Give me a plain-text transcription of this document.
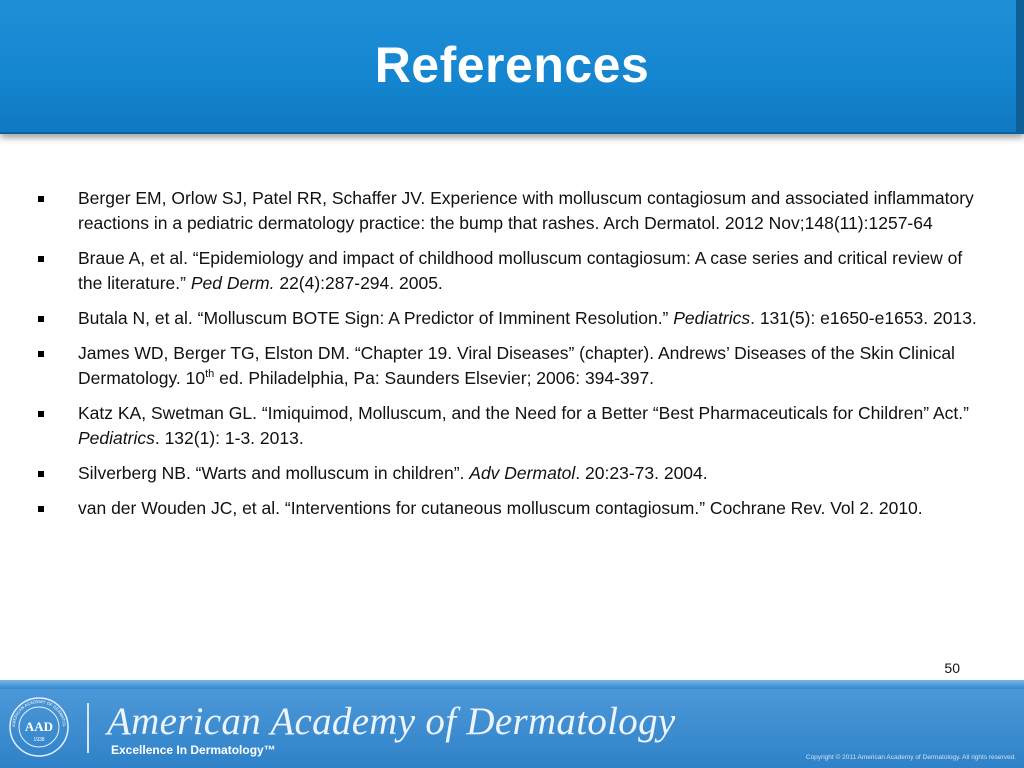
References
Berger EM, Orlow SJ, Patel RR, Schaffer JV. Experience with molluscum contagiosum and associated inflammatory reactions in a pediatric dermatology practice: the bump that rashes. Arch Dermatol. 2012 Nov;148(11):1257-64
Braue A, et al. “Epidemiology and impact of childhood molluscum contagiosum: A case series and critical review of the literature.” Ped Derm. 22(4):287-294. 2005.
Butala N, et al. “Molluscum BOTE Sign: A Predictor of Imminent Resolution.” Pediatrics. 131(5): e1650-e1653. 2013.
James WD, Berger TG, Elston DM. “Chapter 19. Viral Diseases” (chapter). Andrews’ Diseases of the Skin Clinical Dermatology. 10th ed. Philadelphia, Pa: Saunders Elsevier; 2006: 394-397.
Katz KA, Swetman GL. “Imiquimod, Molluscum, and the Need for a Better “Best Pharmaceuticals for Children” Act.” Pediatrics. 132(1): 1-3. 2013.
Silverberg NB. “Warts and molluscum in children”. Adv Dermatol. 20:23-73. 2004.
van der Wouden JC, et al. “Interventions for cutaneous molluscum contagiosum.” Cochrane Rev. Vol 2. 2010.
50
AAD
1938
AMERICAN ACADEMY OF DERMATOL American Academy of Dermatology
Excellence In Dermatology™
Copyright © 2011 American Academy of Dermatology. All rights reserved.
